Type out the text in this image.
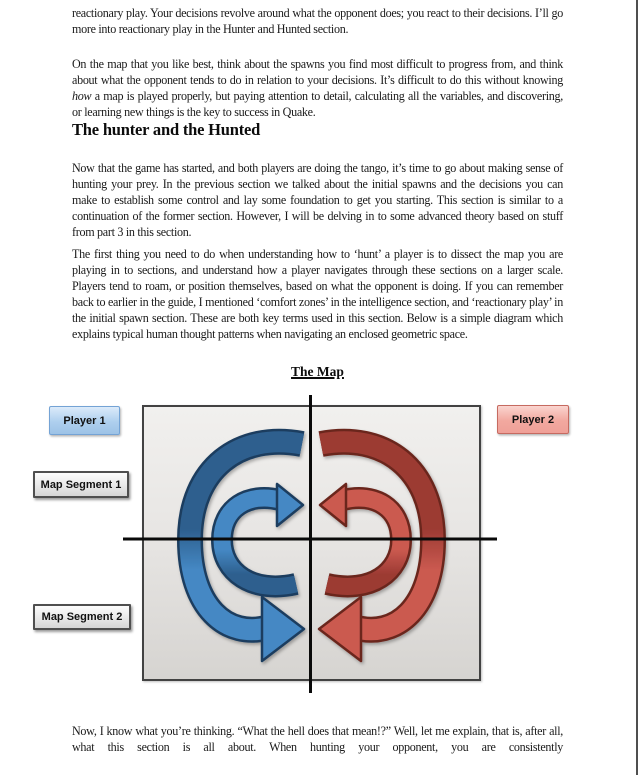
reactionary play. Your decisions revolve around what the opponent does; you react to their decisions. I’ll go more into reactionary play in the Hunter and Hunted section.
On the map that you like best, think about the spawns you find most difficult to progress from, and think about what the opponent tends to do in relation to your decisions. It’s difficult to do this without knowing how a map is played properly, but paying attention to detail, calculating all the variables, and discovering, or learning new things is the key to success in Quake.
The hunter and the Hunted
Now that the game has started, and both players are doing the tango, it’s time to go about making sense of hunting your prey. In the previous section we talked about the initial spawns and the decisions you can make to establish some control and lay some foundation to get you starting. This section is similar to a continuation of the former section. However, I will be delving in to some advanced theory based on stuff from part 3 in this section.
The first thing you need to do when understanding how to ‘hunt’ a player is to dissect the map you are playing in to sections, and understand how a player navigates through these sections on a larger scale. Players tend to roam, or position themselves, based on what the opponent is doing. If you can remember back to earlier in the guide, I mentioned ‘comfort zones’ in the intelligence section, and ‘reactionary play’ in the initial spawn section. These are both key terms used in this section. Below is a simple diagram which explains typical human thought patterns when navigating an enclosed geometric space.
The Map
Player 1	Player 2
Map Segment 1
Map Segment 2
Now, I know what you’re thinking. “What the hell does that mean!?” Well, let me explain, that is, after all, what this section is all about. When hunting your opponent, you are consistently
